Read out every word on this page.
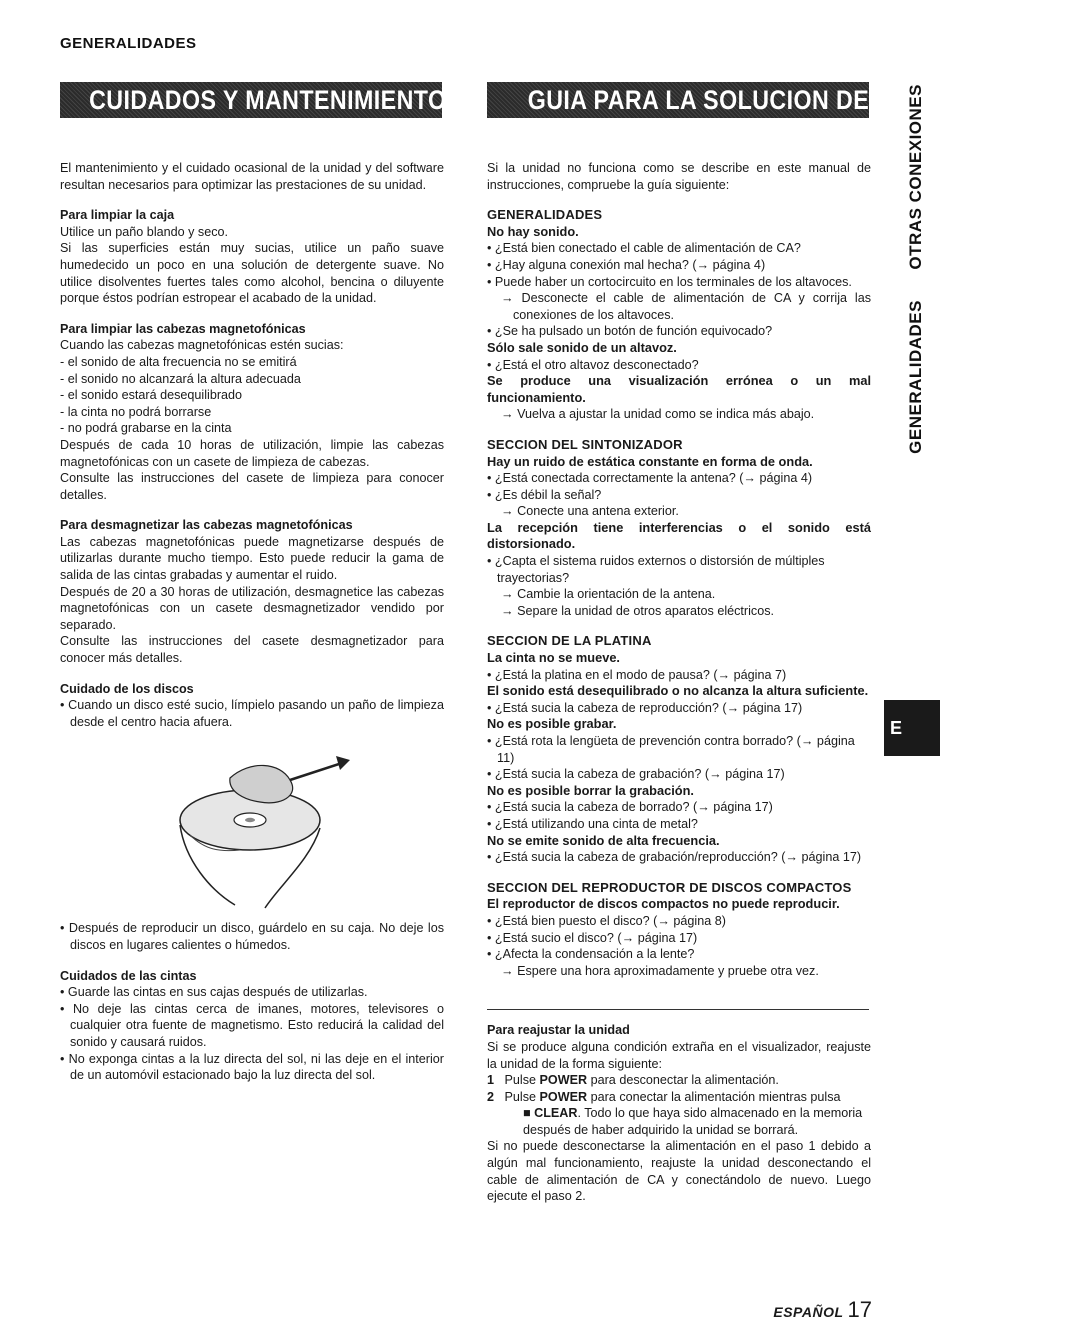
GENERALIDADES
CUIDADOS Y MANTENIMIENTO	GUIA PARA LA SOLUCION DE PROBLEMAS

El mantenimiento y el cuidado ocasional de la unidad y del software resultan necesarios para optimizar las prestaciones de su unidad.

Para limpiar la caja

Utilice un paño blando y seco.

Si las superficies están muy sucias, utilice un paño suave humedecido un poco en una solución de detergente suave. No utilice disolventes fuertes tales como alcohol, bencina o diluyente porque éstos podrían estropear el acabado de la unidad.

Para limpiar las cabezas magnetofónicas

Cuando las cabezas magnetofónicas estén sucias:

- el sonido de alta frecuencia no se emitirá

- el sonido no alcanzará la altura adecuada

- el sonido estará desequilibrado

- la cinta no podrá borrarse

- no podrá grabarse en la cinta

Después de cada 10 horas de utilización, limpie las cabezas magnetofónicas con un casete de limpieza de cabezas.

Consulte las instrucciones del casete de limpieza para conocer detalles.

Para desmagnetizar las cabezas magnetofónicas

Las cabezas magnetofónicas puede magnetizarse después de utilizarlas durante mucho tiempo. Esto puede reducir la gama de salida de las cintas grabadas y aumentar el ruido.

Después de 20 a 30 horas de utilización, desmagnetice las cabezas magnetofónicas con un casete desmagnetizador vendido por separado.

Consulte las instrucciones del casete desmagnetizador para conocer más detalles.

Cuidado de los discos

• Cuando un disco esté sucio, límpielo pasando un paño de limpieza desde el centro hacia afuera.

• Después de reproducir un disco, guárdelo en su caja. No deje los discos en lugares calientes o húmedos.

Cuidados de las cintas

• Guarde las cintas en sus cajas después de utilizarlas.

• No deje las cintas cerca de imanes, motores, televisores o cualquier otra fuente de magnetismo. Esto reducirá la calidad del sonido y causará ruidos.

• No exponga cintas a la luz directa del sol, ni las deje en el interior de un automóvil estacionado bajo la luz directa del sol.

Si la unidad no funciona como se describe en este manual de instrucciones, compruebe la guía siguiente:

GENERALIDADES

No hay sonido.

• ¿Está bien conectado el cable de alimentación de CA?

• ¿Hay alguna conexión mal hecha? (→ página 4)

• Puede haber un cortocircuito en los terminales de los altavoces.

→ Desconecte el cable de alimentación de CA y corrija las conexiones de los altavoces.

• ¿Se ha pulsado un botón de función equivocado?

Sólo sale sonido de un altavoz.

• ¿Está el otro altavoz desconectado?

Se produce una visualización errónea o un mal funcionamiento.

→ Vuelva a ajustar la unidad como se indica más abajo.

SECCION DEL SINTONIZADOR

Hay un ruido de estática constante en forma de onda.

• ¿Está conectada correctamente la antena? (→ página 4)

• ¿Es débil la señal?

→ Conecte una antena exterior.

La recepción tiene interferencias o el sonido está distorsionado.

• ¿Capta el sistema ruidos externos o distorsión de múltiples trayectorias?

→ Cambie la orientación de la antena.

→ Separe la unidad de otros aparatos eléctricos.

SECCION DE LA PLATINA

La cinta no se mueve.

• ¿Está la platina en el modo de pausa? (→ página 7)

El sonido está desequilibrado o no alcanza la altura suficiente.

• ¿Está sucia la cabeza de reproducción? (→ página 17)

No es posible grabar.

• ¿Está rota la lengüeta de prevención contra borrado? (→ página 11)

• ¿Está sucia la cabeza de grabación? (→ página 17)

No es posible borrar la grabación.

• ¿Está sucia la cabeza de borrado? (→ página 17)

• ¿Está utilizando una cinta de metal?

No se emite sonido de alta frecuencia.

• ¿Está sucia la cabeza de grabación/reproducción? (→ página 17)

SECCION DEL REPRODUCTOR DE DISCOS COMPACTOS

El reproductor de discos compactos no puede reproducir.

• ¿Está bien puesto el disco? (→ página 8)

• ¿Está sucio el disco? (→ página 17)

• ¿Afecta la condensación a la lente?

→ Espere una hora aproximadamente y pruebe otra vez.

Para reajustar la unidad

Si se produce alguna condición extraña en el visualizador, reajuste la unidad de la forma siguiente:

1 Pulse POWER para desconectar la alimentación.

2 Pulse POWER para conectar la alimentación mientras pulsa
■ CLEAR. Todo lo que haya sido almacenado en la memoria después de haber adquirido la unidad se borrará.

Si no puede desconectarse la alimentación en el paso 1 debido a algún mal funcionamiento, reajuste la unidad desconectando el cable de alimentación de CA y conectándolo de nuevo. Luego ejecute el paso 2.

OTRAS CONEXIONES
GENERALIDADES
E
ESPAÑOL 17
